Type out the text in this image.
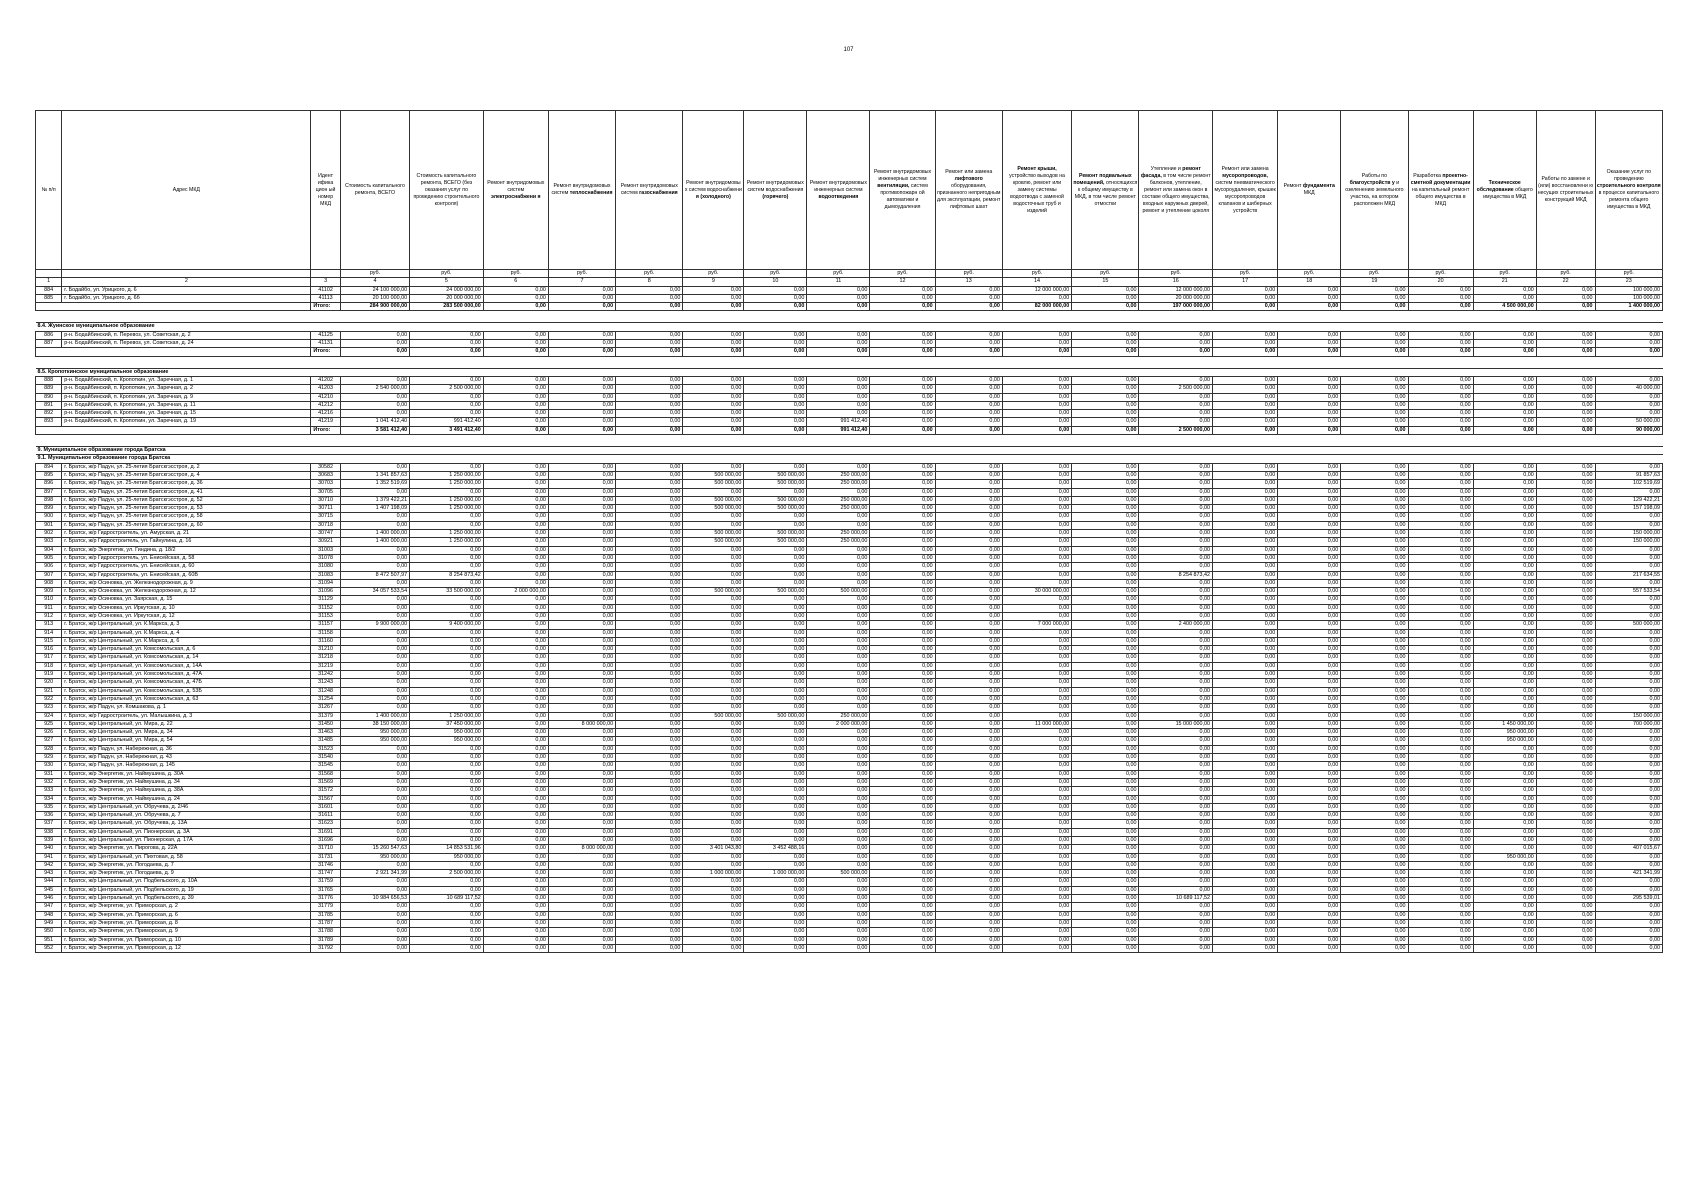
107
№ п/п	Адрес МКД	Идент ифика цион ый номер МКД	Стоимость капитального ремонта, ВСЕГО	Стоимость капитального ремонта, ВСЕГО (без оказания услуг по проведению строительного контроля)	Ремонт внутридомовых систем электроснабжени я	Ремонт внутридомовых систем теплоснабжения	Ремонт внутридомовых систем газоснабжения	Ремонт внутридомовы х систем водоснабжени я (холодного)	Ремонт внутридомовых систем водоснабжения (горячего)	Ремонт внутридомовых инженерных систем водоотведения	Ремонт внутридомовых инженерных систем вентиляции, систем противопожарн ой автоматики и дымоудаления	Ремонт или замена лифтового оборудования, признанного непригодным для эксплуатации, ремонт лифтовых шахт	Ремонт крыши, устройство выходов на кровлю, ремонт или замену системы водоотвода с заменой водосточных труб и изделий	Ремонт подвальных помещений, относящихся к общему имуществу в МКД, в том числе ремонт отмостки	Утепление и ремонт фасада, в том числе ремонт балконов, утепление, ремонт или замена окон в составе общего имущества, входных наружных дверей, ремонт и утепление цоколя	Ремонт или замена мусоропроводов, систем пневматического мусороудаления, крышек мусоропроводов клапанов и шиберных устройств	Ремонт фундамента МКД	Работы по благоустройств у и озеленению земельного участка, на котором расположен МКД	Разработка проектно-сметной документации на капитальный ремонт общего имущества в МКД	Техническое обследование общего имущества в МКД	Работы по замене и (или) восстановлени ю несущих строительных конструкций МКД	Оказание услуг по проведению строительного контроля в процессе капитального ремонта общего имущества в МКД
			руб.	руб.	руб.	руб.	руб.	руб.	руб.	руб.	руб.	руб.	руб.	руб.	руб.	руб.	руб.	руб.	руб.	руб.	руб.	руб.
1	2	3	4	5	6	7	8	9	10	11	12	13	14	15	16	17	18	19	20	21	22	23
884	г. Бодайбо, ул. Урицкого, д. 6	41102	24 100 000,00	24 000 000,00	0,00	0,00	0,00	0,00	0,00	0,00	0,00	0,00	12 000 000,00	0,00	12 000 000,00	0,00	0,00	0,00	0,00	0,00	0,00	100 000,00
885	г. Бодайбо, ул. Урицкого, д. 6б	41113	20 100 000,00	20 000 000,00	0,00	0,00	0,00	0,00	0,00	0,00	0,00	0,00	0,00	0,00	20 000 000,00	0,00	0,00	0,00	0,00	0,00	0,00	100 000,00
		Итого:	284 900 000,00	283 500 000,00	0,00	0,00	0,00	0,00	0,00	0,00	0,00	0,00	82 000 000,00	0,00	197 000 000,00	0,00	0,00	0,00	0,00	4 500 000,00	0,00	1 400 000,00

8.4. Жуинское муниципальное образование																						
886	р-н. Бодайбинский, п. Перевоз, ул. Советская, д. 2	41125	0,00	0,00	0,00	0,00	0,00	0,00	0,00	0,00	0,00	0,00	0,00	0,00	0,00	0,00	0,00	0,00	0,00	0,00	0,00	0,00
887	р-н. Бодайбинский, п. Перевоз, ул. Советская, д. 24	41131	0,00	0,00	0,00	0,00	0,00	0,00	0,00	0,00	0,00	0,00	0,00	0,00	0,00	0,00	0,00	0,00	0,00	0,00	0,00	0,00
		Итого:	0,00	0,00	0,00	0,00	0,00	0,00	0,00	0,00	0,00	0,00	0,00	0,00	0,00	0,00	0,00	0,00	0,00	0,00	0,00	0,00

8.5. Кропоткинское муниципальное образование																						
888	р-н. Бодайбинский, п. Кропоткин, ул. Заречная, д. 1	41202	0,00	0,00	0,00	0,00	0,00	0,00	0,00	0,00	0,00	0,00	0,00	0,00	0,00	0,00	0,00	0,00	0,00	0,00	0,00	0,00
889	р-н. Бодайбинский, п. Кропоткин, ул. Заречная, д. 2	41203	2 540 000,00	2 500 000,00	0,00	0,00	0,00	0,00	0,00	0,00	0,00	0,00	0,00	0,00	2 500 000,00	0,00	0,00	0,00	0,00	0,00	0,00	40 000,00
890	р-н. Бодайбинский, п. Кропоткин, ул. Заречная, д. 9	41210	0,00	0,00	0,00	0,00	0,00	0,00	0,00	0,00	0,00	0,00	0,00	0,00	0,00	0,00	0,00	0,00	0,00	0,00	0,00	0,00
891	р-н. Бодайбинский, п. Кропоткин, ул. Заречная, д. 11	41212	0,00	0,00	0,00	0,00	0,00	0,00	0,00	0,00	0,00	0,00	0,00	0,00	0,00	0,00	0,00	0,00	0,00	0,00	0,00	0,00
892	р-н. Бодайбинский, п. Кропоткин, ул. Заречная, д. 15	41216	0,00	0,00	0,00	0,00	0,00	0,00	0,00	0,00	0,00	0,00	0,00	0,00	0,00	0,00	0,00	0,00	0,00	0,00	0,00	0,00
893	р-н. Бодайбинский, п. Кропоткин, ул. Заречная, д. 19	41219	1 041 412,40	991 412,40	0,00	0,00	0,00	0,00	0,00	991 412,40	0,00	0,00	0,00	0,00	0,00	0,00	0,00	0,00	0,00	0,00	0,00	50 000,00
		Итого:	3 581 412,40	3 491 412,40	0,00	0,00	0,00	0,00	0,00	991 412,40	0,00	0,00	0,00	0,00	2 500 000,00	0,00	0,00	0,00	0,00	0,00	0,00	90 000,00

9. Муниципальное образование города Братска																						
9.1. Муниципальное образование города Братска																						
894	г. Братск, ж/р Падун, ул. 25-летия Братскгэсстроя, д. 2	30582	0,00	0,00	0,00	0,00	0,00	0,00	0,00	0,00	0,00	0,00	0,00	0,00	0,00	0,00	0,00	0,00	0,00	0,00	0,00	0,00
895	г. Братск, ж/р Падун, ул. 25-летия Братскгэсстроя, д. 4	30683	1 341 857,63	1 250 000,00	0,00	0,00	0,00	500 000,00	500 000,00	250 000,00	0,00	0,00	0,00	0,00	0,00	0,00	0,00	0,00	0,00	0,00	0,00	91 857,63
896	г. Братск, ж/р Падун, ул. 25-летия Братскгэсстроя, д. 36	30703	1 352 519,69	1 250 000,00	0,00	0,00	0,00	500 000,00	500 000,00	250 000,00	0,00	0,00	0,00	0,00	0,00	0,00	0,00	0,00	0,00	0,00	0,00	102 519,69
897	г. Братск, ж/р Падун, ул. 25-летия Братскгэсстроя, д. 41	30705	0,00	0,00	0,00	0,00	0,00	0,00	0,00	0,00	0,00	0,00	0,00	0,00	0,00	0,00	0,00	0,00	0,00	0,00	0,00	0,00
898	г. Братск, ж/р Падун, ул. 25-летия Братскгэсстроя, д. 52	30710	1 379 422,21	1 250 000,00	0,00	0,00	0,00	500 000,00	500 000,00	250 000,00	0,00	0,00	0,00	0,00	0,00	0,00	0,00	0,00	0,00	0,00	0,00	129 422,21
899	г. Братск, ж/р Падун, ул. 25-летия Братскгэсстроя, д. 53	30711	1 407 198,09	1 250 000,00	0,00	0,00	0,00	500 000,00	500 000,00	250 000,00	0,00	0,00	0,00	0,00	0,00	0,00	0,00	0,00	0,00	0,00	0,00	157 198,09
900	г. Братск, ж/р Падун, ул. 25-летия Братскгэсстроя, д. 58	30715	0,00	0,00	0,00	0,00	0,00	0,00	0,00	0,00	0,00	0,00	0,00	0,00	0,00	0,00	0,00	0,00	0,00	0,00	0,00	0,00
901	г. Братск, ж/р Падун, ул. 25-летия Братскгэсстроя, д. 60	30718	0,00	0,00	0,00	0,00	0,00	0,00	0,00	0,00	0,00	0,00	0,00	0,00	0,00	0,00	0,00	0,00	0,00	0,00	0,00	0,00
902	г. Братск, ж/р Гидростроитель, ул. Амурская, д. 21	30747	1 400 000,00	1 250 000,00	0,00	0,00	0,00	500 000,00	500 000,00	250 000,00	0,00	0,00	0,00	0,00	0,00	0,00	0,00	0,00	0,00	0,00	0,00	150 000,00
903	г. Братск, ж/р Гидростроитель, ул. Гайнулина, д. 16	30921	1 400 000,00	1 250 000,00	0,00	0,00	0,00	500 000,00	500 000,00	250 000,00	0,00	0,00	0,00	0,00	0,00	0,00	0,00	0,00	0,00	0,00	0,00	150 000,00
904	г. Братск, ж/р Энергетик, ул. Гиндина, д. 18/2	31003	0,00	0,00	0,00	0,00	0,00	0,00	0,00	0,00	0,00	0,00	0,00	0,00	0,00	0,00	0,00	0,00	0,00	0,00	0,00	0,00
905	г. Братск, ж/р Гидростроитель, ул. Енисейская, д. 58	31078	0,00	0,00	0,00	0,00	0,00	0,00	0,00	0,00	0,00	0,00	0,00	0,00	0,00	0,00	0,00	0,00	0,00	0,00	0,00	0,00
906	г. Братск, ж/р Гидростроитель, ул. Енисейская, д. 60	31080	0,00	0,00	0,00	0,00	0,00	0,00	0,00	0,00	0,00	0,00	0,00	0,00	0,00	0,00	0,00	0,00	0,00	0,00	0,00	0,00
907	г. Братск, ж/р Гидростроитель, ул. Енисейская, д. 60В	31083	8 472 507,97	8 254 873,42	0,00	0,00	0,00	0,00	0,00	0,00	0,00	0,00	0,00	0,00	8 254 873,42	0,00	0,00	0,00	0,00	0,00	0,00	217 634,55
908	г. Братск, ж/р Осиновка, ул. Железнодорожная, д. 9	31094	0,00	0,00	0,00	0,00	0,00	0,00	0,00	0,00	0,00	0,00	0,00	0,00	0,00	0,00	0,00	0,00	0,00	0,00	0,00	0,00
909	г. Братск, ж/р Осиновка, ул. Железнодорожная, д. 12	31096	34 057 533,54	33 500 000,00	2 000 000,00	0,00	0,00	500 000,00	500 000,00	500 000,00	0,00	0,00	30 000 000,00	0,00	0,00	0,00	0,00	0,00	0,00	0,00	0,00	557 533,54
910	г. Братск, ж/р Осиновка, ул. Заярская, д. 15	31129	0,00	0,00	0,00	0,00	0,00	0,00	0,00	0,00	0,00	0,00	0,00	0,00	0,00	0,00	0,00	0,00	0,00	0,00	0,00	0,00
911	г. Братск, ж/р Осиновка, ул. Иркутская, д. 10	31152	0,00	0,00	0,00	0,00	0,00	0,00	0,00	0,00	0,00	0,00	0,00	0,00	0,00	0,00	0,00	0,00	0,00	0,00	0,00	0,00
912	г. Братск, ж/р Осиновка, ул. Иркутская, д. 12	31153	0,00	0,00	0,00	0,00	0,00	0,00	0,00	0,00	0,00	0,00	0,00	0,00	0,00	0,00	0,00	0,00	0,00	0,00	0,00	0,00
913	г. Братск, ж/р Центральный, ул. К.Маркса, д. 3	31157	9 900 000,00	9 400 000,00	0,00	0,00	0,00	0,00	0,00	0,00	0,00	0,00	7 000 000,00	0,00	2 400 000,00	0,00	0,00	0,00	0,00	0,00	0,00	500 000,00
914	г. Братск, ж/р Центральный, ул. К.Маркса, д. 4	31158	0,00	0,00	0,00	0,00	0,00	0,00	0,00	0,00	0,00	0,00	0,00	0,00	0,00	0,00	0,00	0,00	0,00	0,00	0,00	0,00
915	г. Братск, ж/р Центральный, ул. К.Маркса, д. 6	31160	0,00	0,00	0,00	0,00	0,00	0,00	0,00	0,00	0,00	0,00	0,00	0,00	0,00	0,00	0,00	0,00	0,00	0,00	0,00	0,00
916	г. Братск, ж/р Центральный, ул. Комсомольская, д. 6	31210	0,00	0,00	0,00	0,00	0,00	0,00	0,00	0,00	0,00	0,00	0,00	0,00	0,00	0,00	0,00	0,00	0,00	0,00	0,00	0,00
917	г. Братск, ж/р Центральный, ул. Комсомольская, д. 14	31218	0,00	0,00	0,00	0,00	0,00	0,00	0,00	0,00	0,00	0,00	0,00	0,00	0,00	0,00	0,00	0,00	0,00	0,00	0,00	0,00
918	г. Братск, ж/р Центральный, ул. Комсомольская, д. 14А	31219	0,00	0,00	0,00	0,00	0,00	0,00	0,00	0,00	0,00	0,00	0,00	0,00	0,00	0,00	0,00	0,00	0,00	0,00	0,00	0,00
919	г. Братск, ж/р Центральный, ул. Комсомольская, д. 47А	31242	0,00	0,00	0,00	0,00	0,00	0,00	0,00	0,00	0,00	0,00	0,00	0,00	0,00	0,00	0,00	0,00	0,00	0,00	0,00	0,00
920	г. Братск, ж/р Центральный, ул. Комсомольская, д. 47Б	31243	0,00	0,00	0,00	0,00	0,00	0,00	0,00	0,00	0,00	0,00	0,00	0,00	0,00	0,00	0,00	0,00	0,00	0,00	0,00	0,00
921	г. Братск, ж/р Центральный, ул. Комсомольская, д. 53Б	31248	0,00	0,00	0,00	0,00	0,00	0,00	0,00	0,00	0,00	0,00	0,00	0,00	0,00	0,00	0,00	0,00	0,00	0,00	0,00	0,00
922	г. Братск, ж/р Центральный, ул. Комсомольская, д. 63	31254	0,00	0,00	0,00	0,00	0,00	0,00	0,00	0,00	0,00	0,00	0,00	0,00	0,00	0,00	0,00	0,00	0,00	0,00	0,00	0,00
923	г. Братск, ж/р Падун, ул. Комшакова, д. 1	31267	0,00	0,00	0,00	0,00	0,00	0,00	0,00	0,00	0,00	0,00	0,00	0,00	0,00	0,00	0,00	0,00	0,00	0,00	0,00	0,00
924	г. Братск, ж/р Гидростроитель, ул. Малышкина, д. 3	31379	1 400 000,00	1 250 000,00	0,00	0,00	0,00	500 000,00	500 000,00	250 000,00	0,00	0,00	0,00	0,00	0,00	0,00	0,00	0,00	0,00	0,00	0,00	150 000,00
925	г. Братск, ж/р Центральный, ул. Мира, д. 22	31450	38 150 000,00	37 450 000,00	0,00	8 000 000,00	0,00	0,00	0,00	2 000 000,00	0,00	0,00	11 000 000,00	0,00	15 000 000,00	0,00	0,00	0,00	0,00	1 450 000,00	0,00	700 000,00
926	г. Братск, ж/р Центральный, ул. Мира, д. 34	31463	950 000,00	950 000,00	0,00	0,00	0,00	0,00	0,00	0,00	0,00	0,00	0,00	0,00	0,00	0,00	0,00	0,00	0,00	950 000,00	0,00	0,00
927	г. Братск, ж/р Центральный, ул. Мира, д. 54	31485	950 000,00	950 000,00	0,00	0,00	0,00	0,00	0,00	0,00	0,00	0,00	0,00	0,00	0,00	0,00	0,00	0,00	0,00	950 000,00	0,00	0,00
928	г. Братск, ж/р Падун, ул. Набережная, д. 36	31523	0,00	0,00	0,00	0,00	0,00	0,00	0,00	0,00	0,00	0,00	0,00	0,00	0,00	0,00	0,00	0,00	0,00	0,00	0,00	0,00
929	г. Братск, ж/р Падун, ул. Набережная, д. 43	31540	0,00	0,00	0,00	0,00	0,00	0,00	0,00	0,00	0,00	0,00	0,00	0,00	0,00	0,00	0,00	0,00	0,00	0,00	0,00	0,00
930	г. Братск, ж/р Падун, ул. Набережная, д. 145	31545	0,00	0,00	0,00	0,00	0,00	0,00	0,00	0,00	0,00	0,00	0,00	0,00	0,00	0,00	0,00	0,00	0,00	0,00	0,00	0,00
931	г. Братск, ж/р Энергетик, ул. Наймушина, д. 30А	31568	0,00	0,00	0,00	0,00	0,00	0,00	0,00	0,00	0,00	0,00	0,00	0,00	0,00	0,00	0,00	0,00	0,00	0,00	0,00	0,00
932	г. Братск, ж/р Энергетик, ул. Наймушина, д. 34	31569	0,00	0,00	0,00	0,00	0,00	0,00	0,00	0,00	0,00	0,00	0,00	0,00	0,00	0,00	0,00	0,00	0,00	0,00	0,00	0,00
933	г. Братск, ж/р Энергетик, ул. Наймушина, д. 38А	31572	0,00	0,00	0,00	0,00	0,00	0,00	0,00	0,00	0,00	0,00	0,00	0,00	0,00	0,00	0,00	0,00	0,00	0,00	0,00	0,00
934	г. Братск, ж/р Энергетик, ул. Наймушина, д. 24	31567	0,00	0,00	0,00	0,00	0,00	0,00	0,00	0,00	0,00	0,00	0,00	0,00	0,00	0,00	0,00	0,00	0,00	0,00	0,00	0,00
935	г. Братск, ж/р Центральный, ул. Обручева, д. 2/46	31601	0,00	0,00	0,00	0,00	0,00	0,00	0,00	0,00	0,00	0,00	0,00	0,00	0,00	0,00	0,00	0,00	0,00	0,00	0,00	0,00
936	г. Братск, ж/р Центральный, ул. Обручева, д. 7	31611	0,00	0,00	0,00	0,00	0,00	0,00	0,00	0,00	0,00	0,00	0,00	0,00	0,00	0,00	0,00	0,00	0,00	0,00	0,00	0,00
937	г. Братск, ж/р Центральный, ул. Обручева, д. 13А	31623	0,00	0,00	0,00	0,00	0,00	0,00	0,00	0,00	0,00	0,00	0,00	0,00	0,00	0,00	0,00	0,00	0,00	0,00	0,00	0,00
938	г. Братск, ж/р Центральный, ул. Пионерская, д. 3А	31691	0,00	0,00	0,00	0,00	0,00	0,00	0,00	0,00	0,00	0,00	0,00	0,00	0,00	0,00	0,00	0,00	0,00	0,00	0,00	0,00
939	г. Братск, ж/р Центральный, ул. Пионерская, д. 17А	31696	0,00	0,00	0,00	0,00	0,00	0,00	0,00	0,00	0,00	0,00	0,00	0,00	0,00	0,00	0,00	0,00	0,00	0,00	0,00	0,00
940	г. Братск, ж/р Энергетик, ул. Пирогова, д. 22А	31710	15 260 547,63	14 853 531,96	0,00	8 000 000,00	0,00	3 401 043,80	3 452 488,16	0,00	0,00	0,00	0,00	0,00	0,00	0,00	0,00	0,00	0,00	0,00	0,00	407 015,67
941	г. Братск, ж/р Центральный, ул. Пихтовая, д. 58	31731	950 000,00	950 000,00	0,00	0,00	0,00	0,00	0,00	0,00	0,00	0,00	0,00	0,00	0,00	0,00	0,00	0,00	0,00	950 000,00	0,00	0,00
942	г. Братск, ж/р Энергетик, ул. Погодаева, д. 7	31746	0,00	0,00	0,00	0,00	0,00	0,00	0,00	0,00	0,00	0,00	0,00	0,00	0,00	0,00	0,00	0,00	0,00	0,00	0,00	0,00
943	г. Братск, ж/р Энергетик, ул. Погодаева, д. 9	31747	2 921 341,99	2 500 000,00	0,00	0,00	0,00	1 000 000,00	1 000 000,00	500 000,00	0,00	0,00	0,00	0,00	0,00	0,00	0,00	0,00	0,00	0,00	0,00	421 341,99
944	г. Братск, ж/р Центральный, ул. Подбельского, д. 10А	31759	0,00	0,00	0,00	0,00	0,00	0,00	0,00	0,00	0,00	0,00	0,00	0,00	0,00	0,00	0,00	0,00	0,00	0,00	0,00	0,00
945	г. Братск, ж/р Центральный, ул. Подбельского, д. 19	31765	0,00	0,00	0,00	0,00	0,00	0,00	0,00	0,00	0,00	0,00	0,00	0,00	0,00	0,00	0,00	0,00	0,00	0,00	0,00	0,00
946	г. Братск, ж/р Центральный, ул. Подбельского, д. 39	31776	10 984 656,53	10 689 117,52	0,00	0,00	0,00	0,00	0,00	0,00	0,00	0,00	0,00	0,00	10 689 117,52	0,00	0,00	0,00	0,00	0,00	0,00	295 539,01
947	г. Братск, ж/р Энергетик, ул. Приморская, д. 2	31779	0,00	0,00	0,00	0,00	0,00	0,00	0,00	0,00	0,00	0,00	0,00	0,00	0,00	0,00	0,00	0,00	0,00	0,00	0,00	0,00
948	г. Братск, ж/р Энергетик, ул. Приморская, д. 6	31785	0,00	0,00	0,00	0,00	0,00	0,00	0,00	0,00	0,00	0,00	0,00	0,00	0,00	0,00	0,00	0,00	0,00	0,00	0,00	0,00
949	г. Братск, ж/р Энергетик, ул. Приморская, д. 8	31787	0,00	0,00	0,00	0,00	0,00	0,00	0,00	0,00	0,00	0,00	0,00	0,00	0,00	0,00	0,00	0,00	0,00	0,00	0,00	0,00
950	г. Братск, ж/р Энергетик, ул. Приморская, д. 9	31788	0,00	0,00	0,00	0,00	0,00	0,00	0,00	0,00	0,00	0,00	0,00	0,00	0,00	0,00	0,00	0,00	0,00	0,00	0,00	0,00
951	г. Братск, ж/р Энергетик, ул. Приморская, д. 10	31789	0,00	0,00	0,00	0,00	0,00	0,00	0,00	0,00	0,00	0,00	0,00	0,00	0,00	0,00	0,00	0,00	0,00	0,00	0,00	0,00
952	г. Братск, ж/р Энергетик, ул. Приморская, д. 12	31792	0,00	0,00	0,00	0,00	0,00	0,00	0,00	0,00	0,00	0,00	0,00	0,00	0,00	0,00	0,00	0,00	0,00	0,00	0,00	0,00
